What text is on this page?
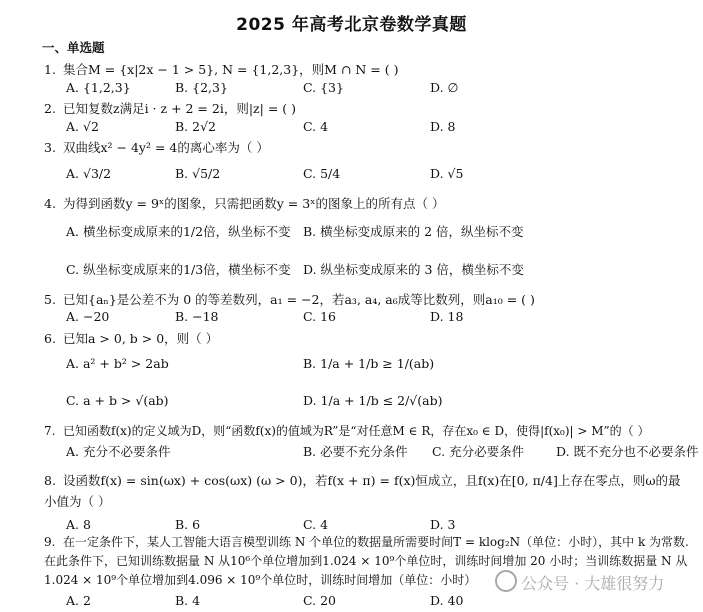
2025 年高考北京卷数学真题
一、单选题
1. 集合M = {x|2x − 1 > 5}, N = {1,2,3}，则M ∩ N = ( )
A. {1,2,3}	B. {2,3}	C. {3}	D. ∅
2. 已知复数z满足i · z + 2 = 2i，则|z| = ( )
A. √2	B. 2√2	C. 4	D. 8
3. 双曲线x² − 4y² = 4的离心率为（ ）
A. √3/2	B. √5/2	C. 5/4	D. √5
4. 为得到函数y = 9ˣ的图象，只需把函数y = 3ˣ的图象上的所有点（ ）
A. 横坐标变成原来的1/2倍，纵坐标不变 B. 横坐标变成原来的 2 倍，纵坐标不变
C. 纵坐标变成原来的1/3倍，横坐标不变 D. 纵坐标变成原来的 3 倍，横坐标不变
5. 已知{aₙ}是公差不为 0 的等差数列，a₁ = −2，若a₃, a₄, a₆成等比数列，则a₁₀ = ( )
A. −20	B. −18	C. 16	D. 18
6. 已知a > 0, b > 0，则（ ）
A. a² + b² > 2ab	B. 1/a + 1/b ≥ 1/(ab)
C. a + b > √(ab)	D. 1/a + 1/b ≤ 2/√(ab)
7. 已知函数f(x)的定义域为D，则“函数f(x)的值域为R”是“对任意M ∈ R，存在x₀ ∈ D，使得|f(x₀)| > M”的（ ）
A. 充分不必要条件	B. 必要不充分条件 C. 充分必要条件	D. 既不充分也不必要条件
8. 设函数f(x) = sin(ωx) + cos(ωx) (ω > 0)，若f(x + π) = f(x)恒成立，且f(x)在[0, π/4]上存在零点，则ω的最小值为（ ）
A. 8	B. 6	C. 4	D. 3
9. 在一定条件下，某人工智能大语言模型训练 N 个单位的数据量所需要时间T = klog₂N（单位：小时），其中 k 为常数. 在此条件下，已知训练数据量 N 从10⁶个单位增加到1.024 × 10⁹个单位时，训练时间增加 20 小时；当训练数据量 N 从1.024 × 10⁹个单位增加到4.096 × 10⁹个单位时，训练时间增加（单位：小时）
A. 2	B. 4	C. 20	D. 40
公众号 · 大雄很努力
